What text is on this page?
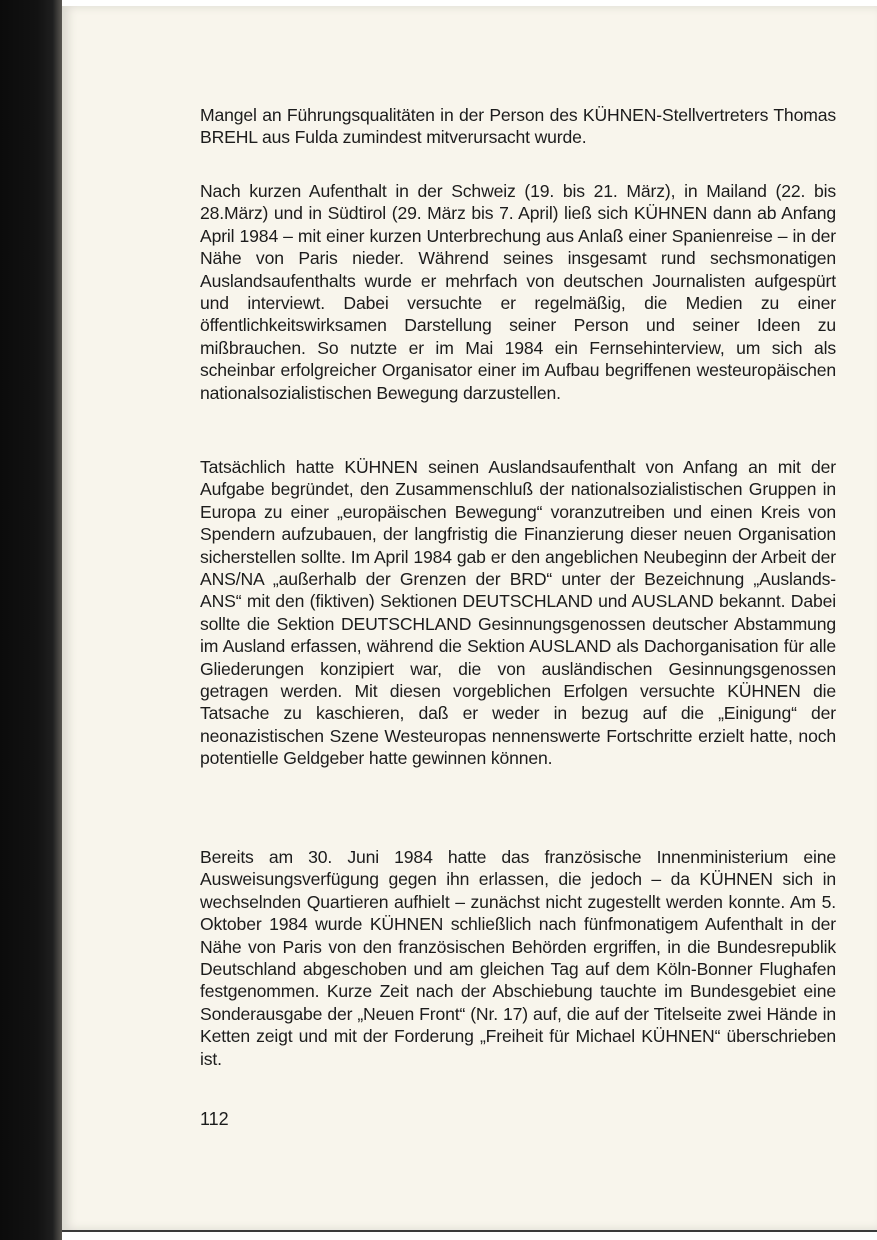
Mangel an Führungsqualitäten in der Person des KÜHNEN-Stellvertreters Thomas BREHL aus Fulda zumindest mitverursacht wurde.

Nach kurzen Aufenthalt in der Schweiz (19. bis 21. März), in Mailand (22. bis 28.März) und in Südtirol (29. März bis 7. April) ließ sich KÜHNEN dann ab Anfang April 1984 – mit einer kurzen Unterbrechung aus Anlaß einer Spanienreise – in der Nähe von Paris nieder. Während seines insgesamt rund sechsmonatigen Auslandsaufenthalts wurde er mehrfach von deutschen Journalisten aufgespürt und interviewt. Dabei versuchte er regelmäßig, die Medien zu einer öffentlichkeitswirksamen Darstellung seiner Person und seiner Ideen zu mißbrauchen. So nutzte er im Mai 1984 ein Fernsehinterview, um sich als scheinbar erfolgreicher Organisator einer im Aufbau begriffenen westeuropäischen nationalsozialistischen Bewegung darzustellen.

Tatsächlich hatte KÜHNEN seinen Auslandsaufenthalt von Anfang an mit der Aufgabe begründet, den Zusammenschluß der nationalsozialistischen Gruppen in Europa zu einer „europäischen Bewegung“ voranzutreiben und einen Kreis von Spendern aufzubauen, der langfristig die Finanzierung dieser neuen Organisation sicherstellen sollte. Im April 1984 gab er den angeblichen Neubeginn der Arbeit der ANS/NA „außerhalb der Grenzen der BRD“ unter der Bezeichnung „Auslands-ANS“ mit den (fiktiven) Sektionen DEUTSCHLAND und AUSLAND bekannt. Dabei sollte die Sektion DEUTSCHLAND Gesinnungsgenossen deutscher Abstammung im Ausland erfassen, während die Sektion AUSLAND als Dachorganisation für alle Gliederungen konzipiert war, die von ausländischen Gesinnungsgenossen getragen werden. Mit diesen vorgeblichen Erfolgen versuchte KÜHNEN die Tatsache zu kaschieren, daß er weder in bezug auf die „Einigung“ der neonazistischen Szene Westeuropas nennenswerte Fortschritte erzielt hatte, noch potentielle Geldgeber hatte gewinnen können.

Bereits am 30. Juni 1984 hatte das französische Innenministerium eine Ausweisungsverfügung gegen ihn erlassen, die jedoch – da KÜHNEN sich in wechselnden Quartieren aufhielt – zunächst nicht zugestellt werden konnte. Am 5. Oktober 1984 wurde KÜHNEN schließlich nach fünfmonatigem Aufenthalt in der Nähe von Paris von den französischen Behörden ergriffen, in die Bundesrepublik Deutschland abgeschoben und am gleichen Tag auf dem Köln-Bonner Flughafen festgenommen. Kurze Zeit nach der Abschiebung tauchte im Bundesgebiet eine Sonderausgabe der „Neuen Front“ (Nr. 17) auf, die auf der Titelseite zwei Hände in Ketten zeigt und mit der Forderung „Freiheit für Michael KÜHNEN“ überschrieben ist.

112
